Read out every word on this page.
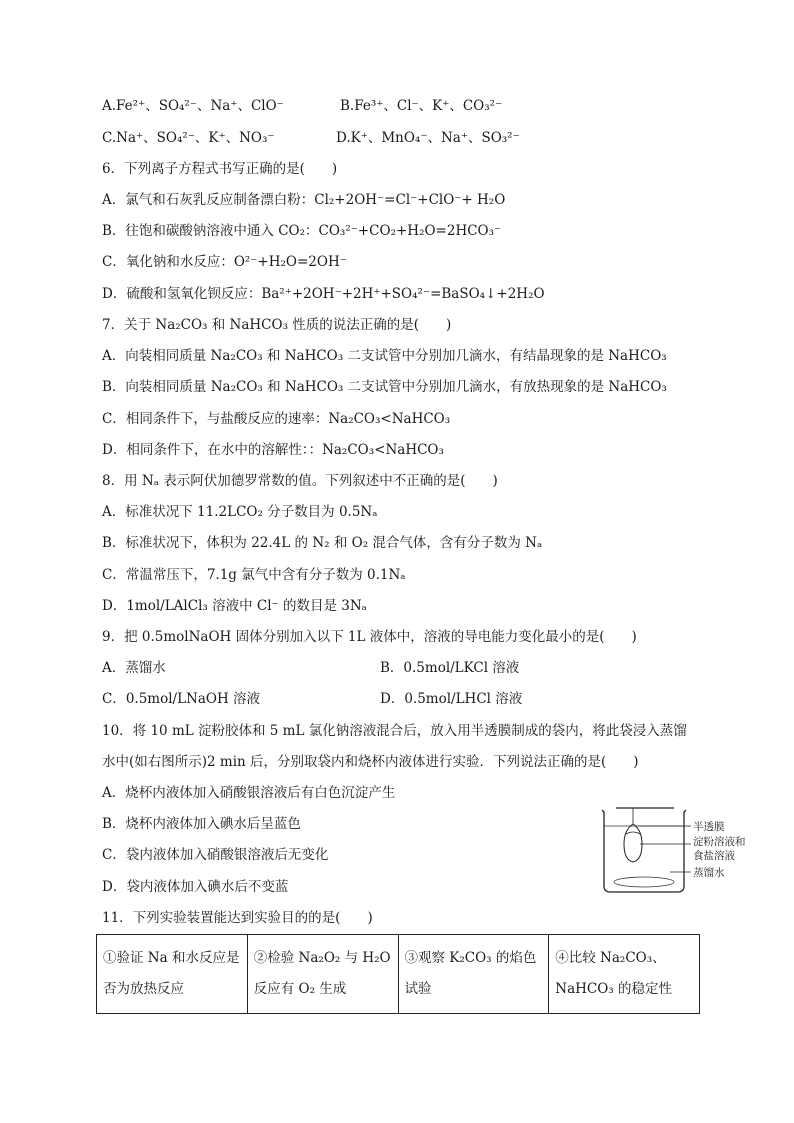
A.Fe²⁺、SO₄²⁻、Na⁺、ClO⁻	B.Fe³⁺、Cl⁻、K⁺、CO₃²⁻
C.Na⁺、SO₄²⁻、K⁺、NO₃⁻	D.K⁺、MnO₄⁻、Na⁺、SO₃²⁻
6．下列离子方程式书写正确的是(　　)
A．氯气和石灰乳反应制备漂白粉：Cl₂+2OH⁻=Cl⁻+ClO⁻+ H₂O
B．往饱和碳酸钠溶液中通入 CO₂：CO₃²⁻+CO₂+H₂O=2HCO₃⁻
C．氧化钠和水反应：O²⁻+H₂O=2OH⁻
D．硫酸和氢氧化钡反应：Ba²⁺+2OH⁻+2H⁺+SO₄²⁻=BaSO₄↓+2H₂O
7．关于 Na₂CO₃ 和 NaHCO₃ 性质的说法正确的是(　　)
A．向装相同质量 Na₂CO₃ 和 NaHCO₃ 二支试管中分别加几滴水，有结晶现象的是 NaHCO₃
B．向装相同质量 Na₂CO₃ 和 NaHCO₃ 二支试管中分别加几滴水，有放热现象的是 NaHCO₃
C．相同条件下，与盐酸反应的速率：Na₂CO₃<NaHCO₃
D．相同条件下，在水中的溶解性：：Na₂CO₃<NaHCO₃
8．用 Nₐ 表示阿伏加德罗常数的值。下列叙述中不正确的是(　　)
A．标准状况下 11.2LCO₂ 分子数目为 0.5Nₐ
B．标准状况下，体积为 22.4L 的 N₂ 和 O₂ 混合气体，含有分子数为 Nₐ
C．常温常压下，7.1g 氯气中含有分子数为 0.1Nₐ
D．1mol/LAlCl₃ 溶液中 Cl⁻ 的数目是 3Nₐ
9．把 0.5molNaOH 固体分别加入以下 1L 液体中，溶液的导电能力变化最小的是(　　)
A．蒸馏水	B．0.5mol/LKCl 溶液
C．0.5mol/LNaOH 溶液	D．0.5mol/LHCl 溶液
10．将 10 mL 淀粉胶体和 5 mL 氯化钠溶液混合后，放入用半透膜制成的袋内，将此袋浸入蒸馏
水中(如右图所示)2 min 后，分别取袋内和烧杯内液体进行实验．下列说法正确的是(　　)
A．烧杯内液体加入硝酸银溶液后有白色沉淀产生
B．烧杯内液体加入碘水后呈蓝色
C．袋内液体加入硝酸银溶液后无变化
D．袋内液体加入碘水后不变蓝
半透膜
淀粉溶液和
食盐溶液
蒸馏水
11．下列实验装置能达到实验目的的是(　　)
①验证 Na 和水反应是否为放热反应	②检验 Na₂O₂ 与 H₂O 反应有 O₂ 生成	③观察 K₂CO₃ 的焰色试验	④比较 Na₂CO₃、NaHCO₃ 的稳定性
